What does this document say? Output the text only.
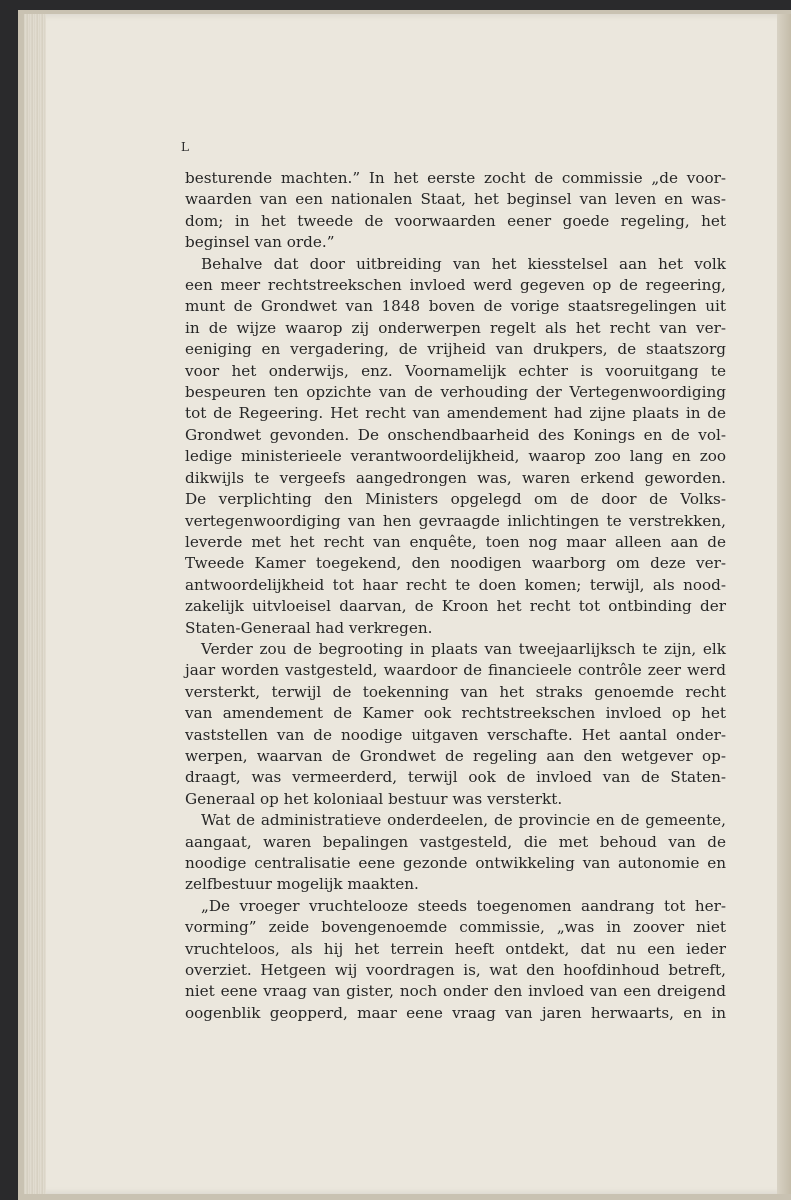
L
besturende machten.” In het eerste zocht de commissie „de voor-
waarden van een nationalen Staat, het beginsel van leven en was-
dom; in het tweede de voorwaarden eener goede regeling, het
beginsel van orde.”
Behalve dat door uitbreiding van het kiesstelsel aan het volk
een meer rechtstreekschen invloed werd gegeven op de regeering,
munt de Grondwet van 1848 boven de vorige staatsregelingen uit
in de wijze waarop zij onderwerpen regelt als het recht van ver-
eeniging en vergadering, de vrijheid van drukpers, de staatszorg
voor het onderwijs, enz. Voornamelijk echter is vooruitgang te
bespeuren ten opzichte van de verhouding der Vertegenwoordiging
tot de Regeering. Het recht van amendement had zijne plaats in de
Grondwet gevonden. De onschendbaarheid des Konings en de vol-
ledige ministerieele verantwoordelijkheid, waarop zoo lang en zoo
dikwijls te vergeefs aangedrongen was, waren erkend geworden.
De verplichting den Ministers opgelegd om de door de Volks-
vertegenwoordiging van hen gevraagde inlichtingen te verstrekken,
leverde met het recht van enquête, toen nog maar alleen aan de
Tweede Kamer toegekend, den noodigen waarborg om deze ver-
antwoordelijkheid tot haar recht te doen komen; terwijl, als nood-
zakelijk uitvloeisel daarvan, de Kroon het recht tot ontbinding der
Staten-Generaal had verkregen.
Verder zou de begrooting in plaats van tweejaarlijksch te zijn, elk
jaar worden vastgesteld, waardoor de financieele contrôle zeer werd
versterkt, terwijl de toekenning van het straks genoemde recht
van amendement de Kamer ook rechtstreekschen invloed op het
vaststellen van de noodige uitgaven verschafte. Het aantal onder-
werpen, waarvan de Grondwet de regeling aan den wetgever op-
draagt, was vermeerderd, terwijl ook de invloed van de Staten-
Generaal op het koloniaal bestuur was versterkt.
Wat de administratieve onderdeelen, de provincie en de gemeente,
aangaat, waren bepalingen vastgesteld, die met behoud van de
noodige centralisatie eene gezonde ontwikkeling van autonomie en
zelfbestuur mogelijk maakten.
„De vroeger vruchtelooze steeds toegenomen aandrang tot her-
vorming” zeide bovengenoemde commissie, „was in zoover niet
vruchteloos, als hij het terrein heeft ontdekt, dat nu een ieder
overziet. Hetgeen wij voordragen is, wat den hoofdinhoud betreft,
niet eene vraag van gister, noch onder den invloed van een dreigend
oogenblik geopperd, maar eene vraag van jaren herwaarts, en in
